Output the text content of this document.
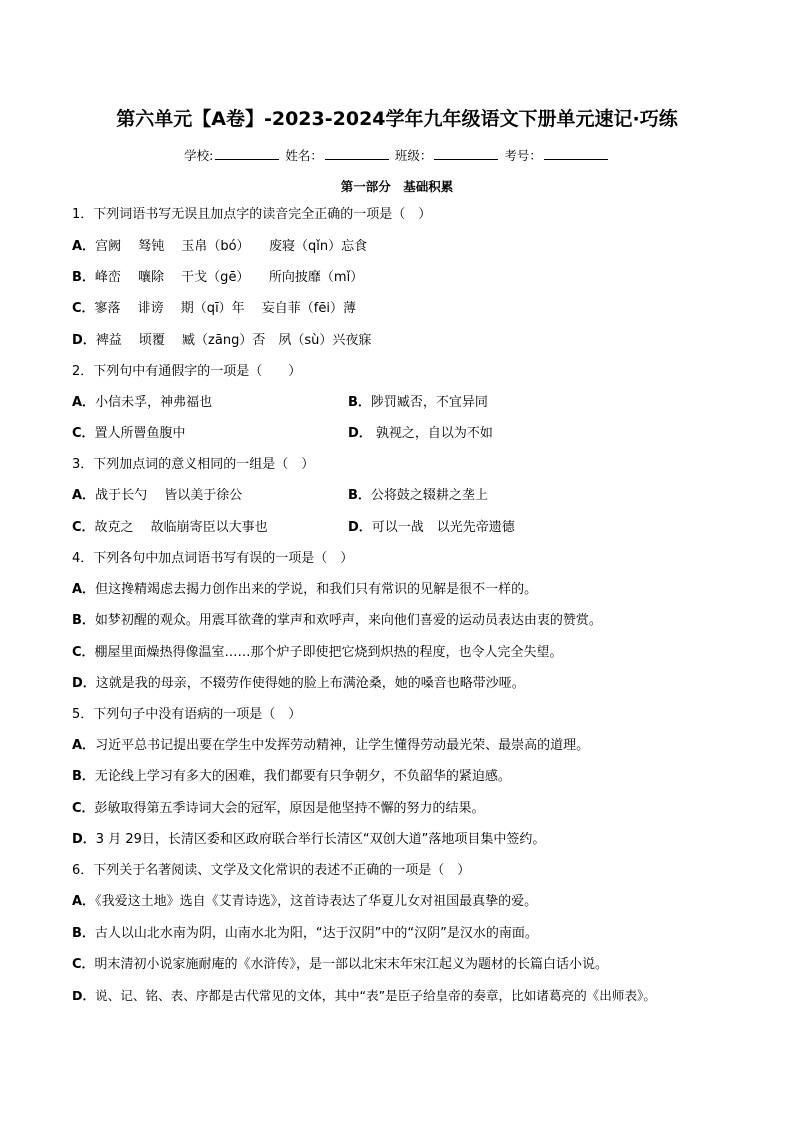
第六单元【A卷】-2023-2024学年九年级语文下册单元速记·巧练
学校:	姓名：	班级：	考号：
第一部分　基础积累
1．下列词语书写无误且加点字的读音完全正确的一项是（　）
A．宫阙　 驽钝　 玉帛（bó）　　废寝（qǐn）忘食
B．峰峦　 嚷除　 干戈（gē）　　所向披靡（mǐ）
C．寥落　 诽谤　 期（qī）年　 妄自菲（fēi）薄
D．裨益　 顷覆　 臧（zāng）否　夙（sù）兴夜寐
2．下列句中有通假字的一项是（　　）
A．小信未孚，神弗福也	B．陟罚臧否，不宜异同
C．置人所罾鱼腹中	D． 孰视之，自以为不如
3．下列加点词的意义相同的一组是（　）
A．战于长勺　 皆以美于徐公	B．公将鼓之辍耕之垄上
C．故克之　 故临崩寄臣以大事也	D．可以一战　以光先帝遗德
4．下列各句中加点词语书写有误的一项是（　）
A．但这搀精竭虑去揭力创作出来的学说，和我们只有常识的见解是很不一样的。
B．如梦初醒的观众。用震耳欲聋的掌声和欢呼声，来向他们喜爱的运动员表达由衷的赞赏。
C．棚屋里面燥热得像温室……那个炉子即使把它烧到炽热的程度，也令人完全失望。
D．这就是我的母亲，不辍劳作使得她的脸上布满沧桑，她的嗓音也略带沙哑。
5．下列句子中没有语病的一项是（　）
A．习近平总书记提出要在学生中发挥劳动精神，让学生懂得劳动最光荣、最崇高的道理。
B．无论线上学习有多大的困难，我们都要有只争朝夕，不负韶华的紧迫感。
C．彭敏取得第五季诗词大会的冠军，原因是他坚持不懈的努力的结果。
D．3 月 29日，长清区委和区政府联合举行长清区“双创大道”落地项目集中签约。
6．下列关于名著阅读、文学及文化常识的表述不正确的一项是（　）
A．《我爱这土地》选自《艾青诗选》，这首诗表达了华夏儿女对祖国最真挚的爱。
B．古人以山北水南为阴，山南水北为阳，“达于汉阴”中的“汉阴”是汉水的南面。
C．明末清初小说家施耐庵的《水浒传》，是一部以北宋末年宋江起义为题材的长篇白话小说。
D．说、记、铭、表、序都是古代常见的文体，其中“表”是臣子给皇帝的奏章，比如诸葛亮的《出师表》。
